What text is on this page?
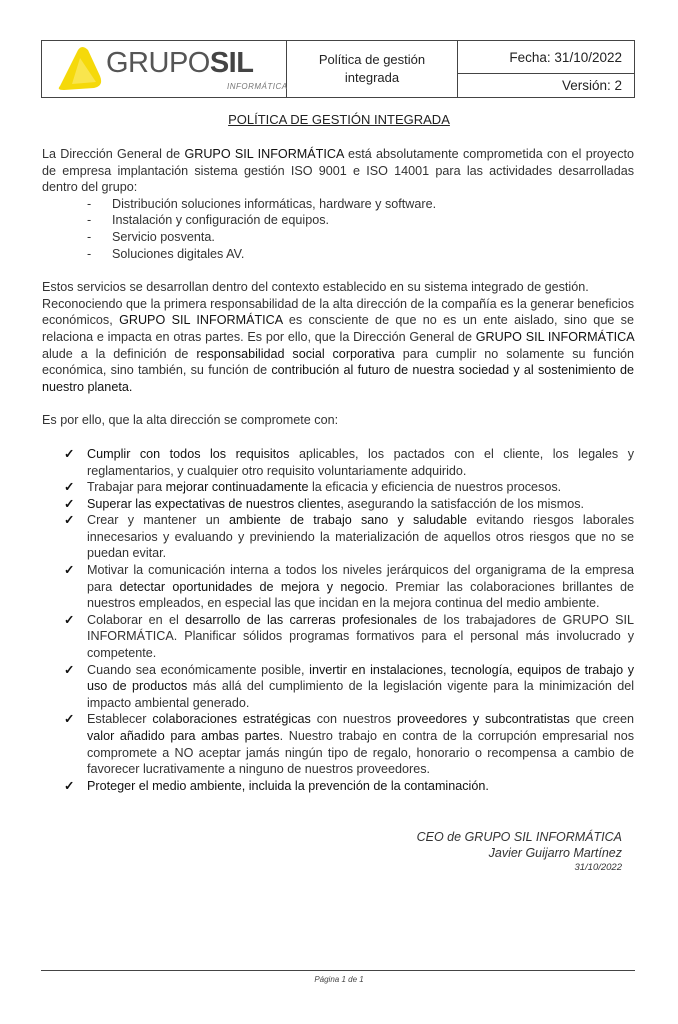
GRUPOSIL
INFORMÁTICA
Política de gestión
integrada
Fecha: 31/10/2022
Versión: 2
POLÍTICA DE GESTIÓN INTEGRADA

La Dirección General de GRUPO SIL INFORMÁTICA está absolutamente comprometida con el proyecto de empresa implantación sistema gestión ISO 9001 e ISO 14001 para las actividades desarrolladas dentro del grupo:

- Distribución soluciones informáticas, hardware y software.
- Instalación y configuración de equipos.
- Servicio posventa.
- Soluciones digitales AV.

Estos servicios se desarrollan dentro del contexto establecido en su sistema integrado de gestión.

Reconociendo que la primera responsabilidad de la alta dirección de la compañía es la generar beneficios económicos, GRUPO SIL INFORMÁTICA es consciente de que no es un ente aislado, sino que se relaciona e impacta en otras partes. Es por ello, que la Dirección General de GRUPO SIL INFORMÁTICA alude a la definición de responsabilidad social corporativa para cumplir no solamente su función económica, sino también, su función de contribución al futuro de nuestra sociedad y al sostenimiento de nuestro planeta.

Es por ello, que la alta dirección se compromete con:

✓ Cumplir con todos los requisitos aplicables, los pactados con el cliente, los legales y reglamentarios, y cualquier otro requisito voluntariamente adquirido.
✓ Trabajar para mejorar continuadamente la eficacia y eficiencia de nuestros procesos.
✓ Superar las expectativas de nuestros clientes, asegurando la satisfacción de los mismos.
✓ Crear y mantener un ambiente de trabajo sano y saludable evitando riesgos laborales innecesarios y evaluando y previniendo la materialización de aquellos otros riesgos que no se puedan evitar.
✓ Motivar la comunicación interna a todos los niveles jerárquicos del organigrama de la empresa para detectar oportunidades de mejora y negocio. Premiar las colaboraciones brillantes de nuestros empleados, en especial las que incidan en la mejora continua del medio ambiente.
✓ Colaborar en el desarrollo de las carreras profesionales de los trabajadores de GRUPO SIL INFORMÁTICA. Planificar sólidos programas formativos para el personal más involucrado y competente.
✓ Cuando sea económicamente posible, invertir en instalaciones, tecnología, equipos de trabajo y uso de productos más allá del cumplimiento de la legislación vigente para la minimización del impacto ambiental generado.
✓ Establecer colaboraciones estratégicas con nuestros proveedores y subcontratistas que creen valor añadido para ambas partes. Nuestro trabajo en contra de la corrupción empresarial nos compromete a NO aceptar jamás ningún tipo de regalo, honorario o recompensa a cambio de favorecer lucrativamente a ninguno de nuestros proveedores.
✓ Proteger el medio ambiente, incluida la prevención de la contaminación.
CEO de GRUPO SIL INFORMÁTICA
Javier Guijarro Martínez
31/10/2022
Página 1 de 1
